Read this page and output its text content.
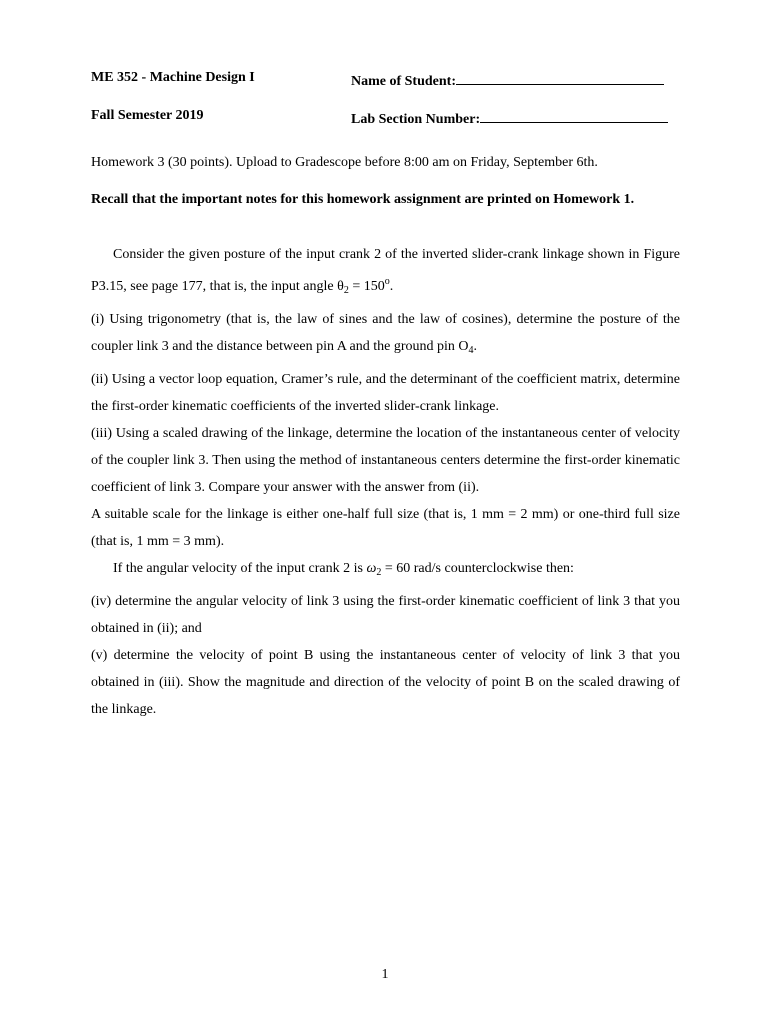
ME 352 - Machine Design I	Name of Student:
Fall Semester 2019	Lab Section Number:
Homework 3 (30 points). Upload to Gradescope before 8:00 am on Friday, September 6th.
Recall that the important notes for this homework assignment are printed on Homework 1.
Consider the given posture of the input crank 2 of the inverted slider-crank linkage shown in Figure P3.15, see page 177, that is, the input angle $\theta_2 = 150^o$.
(i) Using trigonometry (that is, the law of sines and the law of cosines), determine the posture of the coupler link 3 and the distance between pin A and the ground pin $O_4$.
(ii) Using a vector loop equation, Cramer’s rule, and the determinant of the coefficient matrix, determine the first-order kinematic coefficients of the inverted slider-crank linkage.
(iii) Using a scaled drawing of the linkage, determine the location of the instantaneous center of velocity of the coupler link 3. Then using the method of instantaneous centers determine the first-order kinematic coefficient of link 3. Compare your answer with the answer from (ii).
A suitable scale for the linkage is either one-half full size (that is, 1 mm = 2 mm) or one-third full size (that is, 1 mm = 3 mm).
If the angular velocity of the input crank 2 is $\omega_2 = 60$ rad/s counterclockwise then:
(iv) determine the angular velocity of link 3 using the first-order kinematic coefficient of link 3 that you obtained in (ii); and
(v) determine the velocity of point B using the instantaneous center of velocity of link 3 that you obtained in (iii). Show the magnitude and direction of the velocity of point B on the scaled drawing of the linkage.
1
